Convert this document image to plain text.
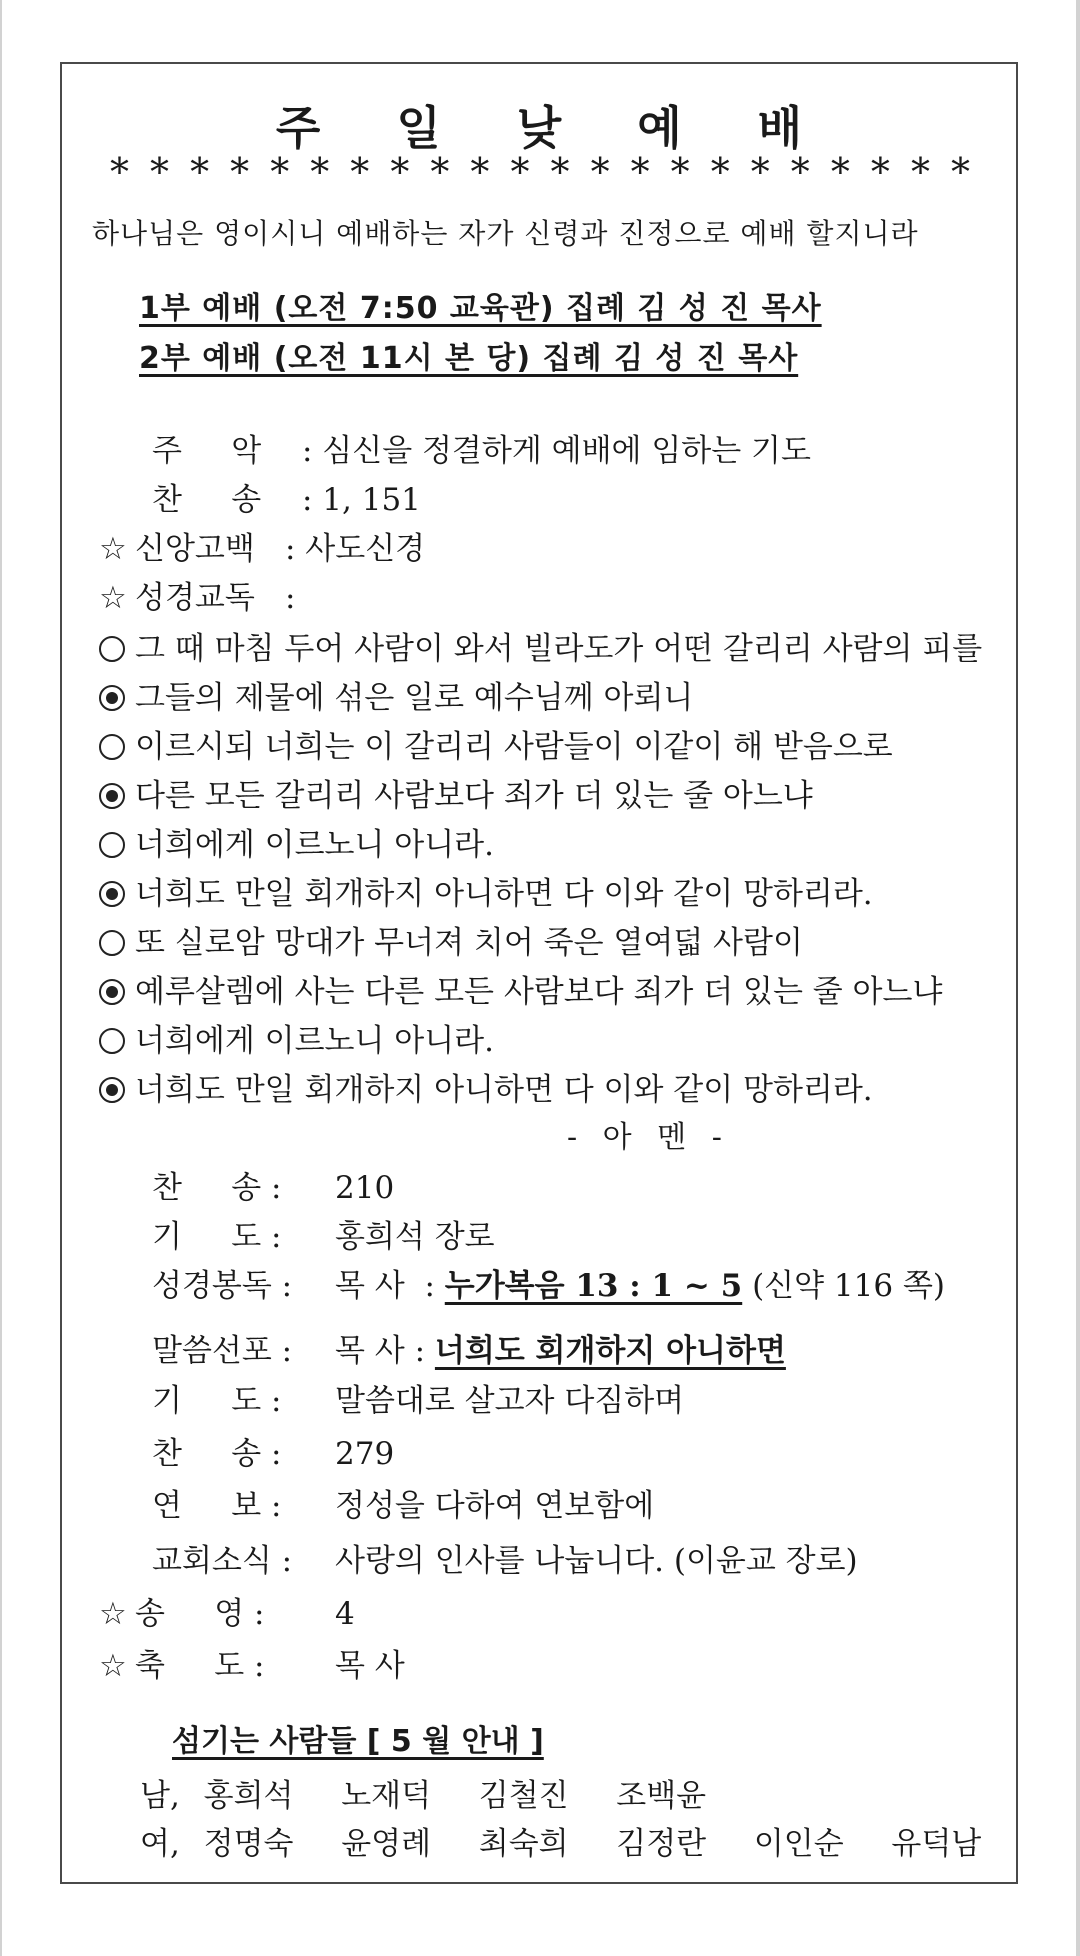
주 일 낮 예 배
* * * * * * * * * * * * * * * * * * * * * *
하나님은 영이시니 예배하는 자가 신령과 진정으로 예배 할지니라
1부 예배 (오전 7:50 교육관) 집례 김 성 진 목사
2부 예배 (오전 11시 본 당) 집례 김 성 진 목사
주     악 : 심신을 정결하게 예배에 임하는 기도
찬     송 : 1, 151
☆ 신앙고백 : 사도신경
☆ 성경교독 :
그 때 마침 두어 사람이 와서 빌라도가 어떤 갈리리 사람의 피를
그들의 제물에 섞은 일로 예수님께 아뢰니
이르시되 너희는 이 갈리리 사람들이 이같이 해 받음으로
다른 모든 갈리리 사람보다 죄가 더 있는 줄 아느냐
너희에게 이르노니 아니라.
너희도 만일 회개하지 아니하면 다 이와 같이 망하리라.
또 실로암 망대가 무너져 치어 죽은 열여덟 사람이
예루살렘에 사는 다른 모든 사람보다 죄가 더 있는 줄 아느냐
너희에게 이르노니 아니라.
너희도 만일 회개하지 아니하면 다 이와 같이 망하리라.
- 아 멘 -
찬     송 : 210
기     도 : 홍희석 장로
성경봉독 : 목 사  : 누가복음 13 : 1 ~ 5 (신약 116 쪽)
말씀선포 : 목 사 : 너희도 회개하지 아니하면
기     도 : 말씀대로 살고자 다짐하며
찬     송 : 279
연     보 : 정성을 다하여 연보함에
교회소식 : 사랑의 인사를 나눕니다. (이윤교 장로)
☆ 송     영 : 4
☆ 축     도 : 목 사
섬기는 사람들 [ 5 월 안내 ]
남, 홍희석  노재덕  김철진  조백윤
여, 정명숙  윤영례  최숙희  김정란  이인순  유덕남
